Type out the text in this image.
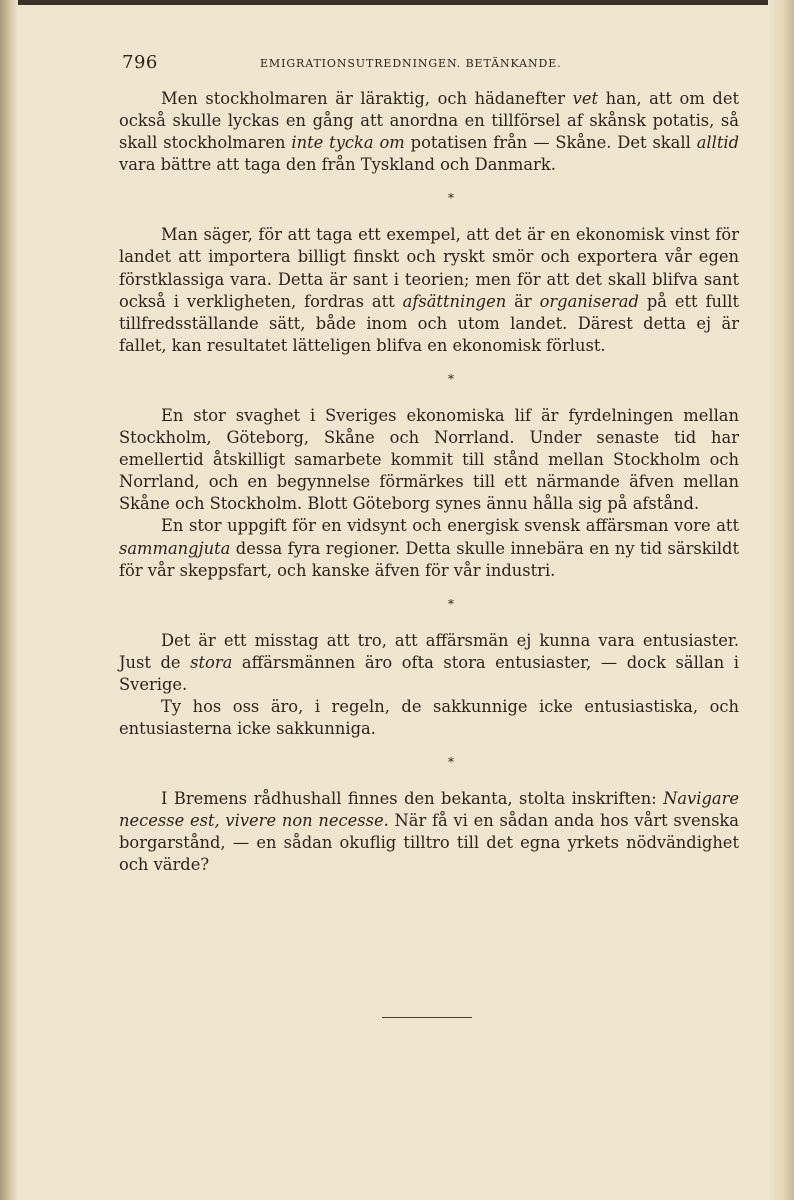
796	EMIGRATIONSUTREDNINGEN. BETÄNKANDE.

Men stockholmaren är läraktig, och hädanefter vet han, att om det också skulle lyckas en gång att anordna en tillförsel af skånsk potatis, så skall stockholmaren inte tycka om potatisen från — Skåne. Det skall alltid vara bättre att taga den från Tyskland och Danmark.

*

Man säger, för att taga ett exempel, att det är en ekonomisk vinst för landet att importera billigt finskt och ryskt smör och exportera vår egen förstklassiga vara. Detta är sant i teorien; men för att det skall blifva sant också i verkligheten, fordras att afsättningen är organiserad på ett fullt tillfredsställande sätt, både inom och utom landet. Därest detta ej är fallet, kan resultatet lätteligen blifva en ekonomisk förlust.

*

En stor svaghet i Sveriges ekonomiska lif är fyrdelningen mellan Stockholm, Göteborg, Skåne och Norrland. Under senaste tid har emellertid åtskilligt samarbete kommit till stånd mellan Stockholm och Norrland, och en begynnelse förmärkes till ett närmande äfven mellan Skåne och Stockholm. Blott Göteborg synes ännu hålla sig på afstånd.

En stor uppgift för en vidsynt och energisk svensk affärsman vore att sammangjuta dessa fyra regioner. Detta skulle innebära en ny tid särskildt för vår skeppsfart, och kanske äfven för vår industri.

*

Det är ett misstag att tro, att affärsmän ej kunna vara entusiaster. Just de stora affärsmännen äro ofta stora entusiaster, — dock sällan i Sverige.

Ty hos oss äro, i regeln, de sakkunnige icke entusiastiska, och entusiasterna icke sakkunniga.

*

I Bremens rådhushall finnes den bekanta, stolta inskriften: Navigare necesse est, vivere non necesse. När få vi en sådan anda hos vårt svenska borgarstånd, — en sådan okuflig tilltro till det egna yrkets nödvändighet och värde?
